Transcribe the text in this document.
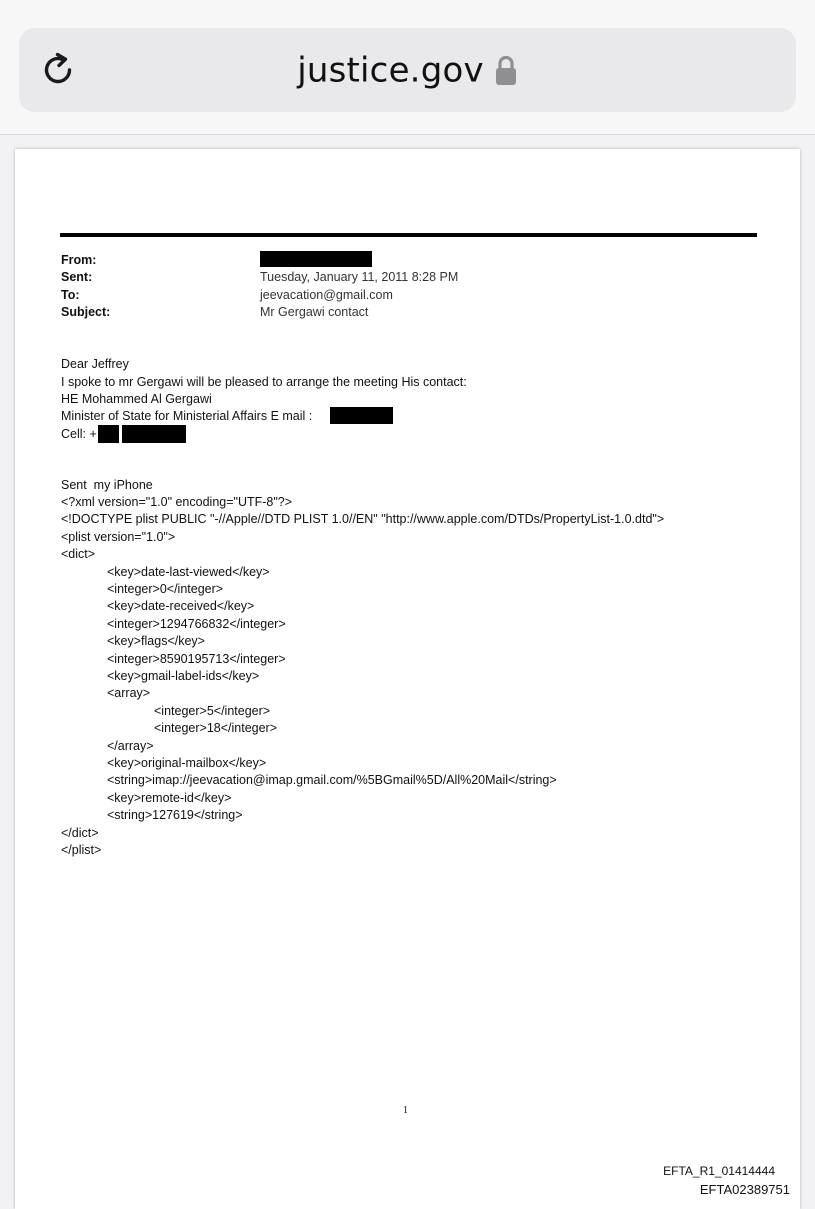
justice.gov
From:
Sent:	Tuesday, January 11, 2011 8:28 PM
To:	jeevacation@gmail.com
Subject:	Mr Gergawi contact
Dear Jeffrey
I spoke to mr Gergawi will be pleased to arrange the meeting His contact:
HE Mohammed Al Gergawi
Minister of State for Ministerial Affairs E mail :
Cell: +
Sent  my iPhone
<?xml version="1.0" encoding="UTF-8"?>
<!DOCTYPE plist PUBLIC "-//Apple//DTD PLIST 1.0//EN" "http://www.apple.com/DTDs/PropertyList-1.0.dtd">
<plist version="1.0">
<dict>
<key>date-last-viewed</key>
<integer>0</integer>
<key>date-received</key>
<integer>1294766832</integer>
<key>flags</key>
<integer>8590195713</integer>
<key>gmail-label-ids</key>
<array>
<integer>5</integer>
<integer>18</integer>
</array>
<key>original-mailbox</key>
<string>imap://jeevacation@imap.gmail.com/%5BGmail%5D/All%20Mail</string>
<key>remote-id</key>
<string>127619</string>
</dict>
</plist>
1
EFTA_R1_01414444
EFTA02389751
